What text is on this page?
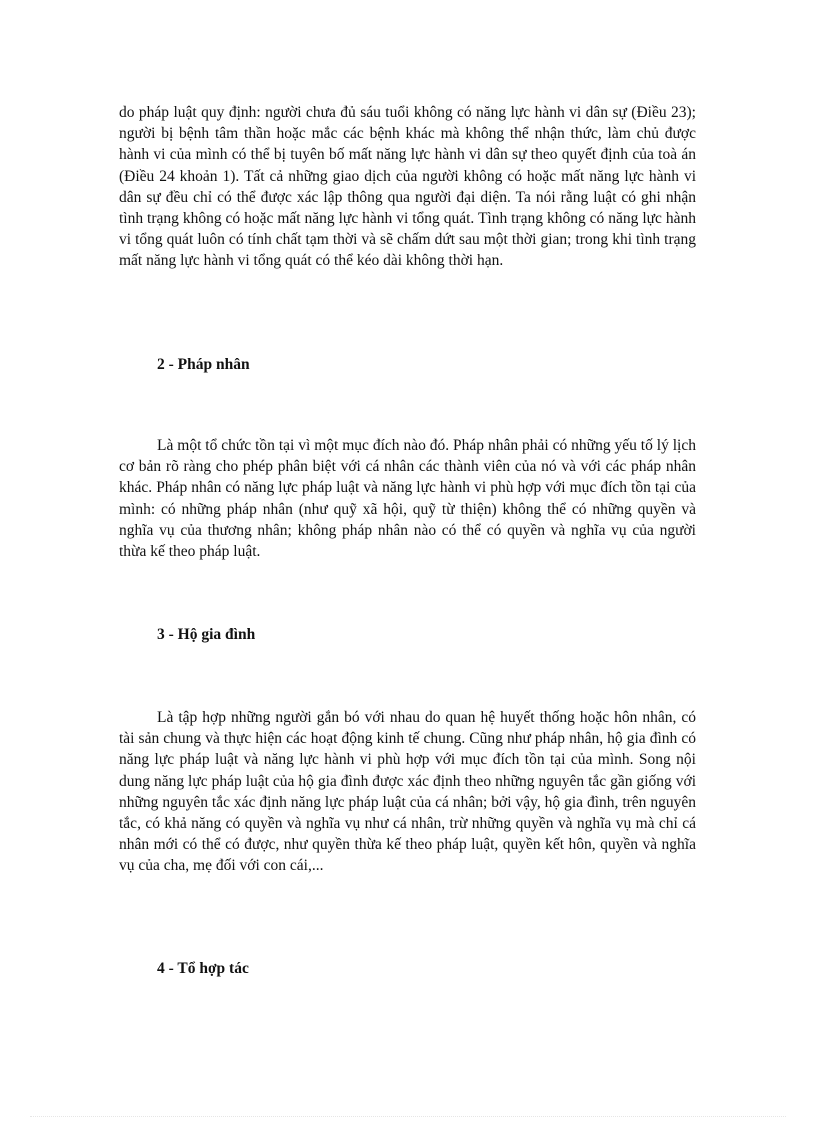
do pháp luật quy định: người chưa đủ sáu tuổi không có năng lực hành vi dân sự (Điều 23); người bị bệnh tâm thần hoặc mắc các bệnh khác mà không thể nhận thức, làm chủ được hành vi của mình có thể bị tuyên bố mất năng lực hành vi dân sự theo quyết định của toà án (Điều 24 khoản 1). Tất cả những giao dịch của người không có hoặc mất năng lực hành vi dân sự đều chỉ có thể được xác lập thông qua người đại diện. Ta nói rằng luật có ghi nhận tình trạng không có hoặc mất năng lực hành vi tổng quát. Tình trạng không có năng lực hành vi tổng quát luôn có tính chất tạm thời và sẽ chấm dứt sau một thời gian; trong khi tình trạng mất năng lực hành vi tổng quát có thể kéo dài không thời hạn.

2 - Pháp nhân

Là một tổ chức tồn tại vì một mục đích nào đó. Pháp nhân phải có những yếu tố lý lịch cơ bản rõ ràng cho phép phân biệt với cá nhân các thành viên của nó và với các pháp nhân khác. Pháp nhân có năng lực pháp luật và năng lực hành vi phù hợp với mục đích tồn tại của mình: có những pháp nhân (như quỹ xã hội, quỹ từ thiện) không thể có những quyền và nghĩa vụ của thương nhân; không pháp nhân nào có thể có quyền và nghĩa vụ của người thừa kế theo pháp luật.

3 - Hộ gia đình

Là tập hợp những người gắn bó với nhau do quan hệ huyết thống hoặc hôn nhân, có tài sản chung và thực hiện các hoạt động kinh tế chung. Cũng như pháp nhân, hộ gia đình có năng lực pháp luật và năng lực hành vi phù hợp với mục đích tồn tại của mình. Song nội dung năng lực pháp luật của hộ gia đình được xác định theo những nguyên tắc gần giống với những nguyên tắc xác định năng lực pháp luật của cá nhân; bởi vậy, hộ gia đình, trên nguyên tắc, có khả năng có quyền và nghĩa vụ như cá nhân, trừ những quyền và nghĩa vụ mà chỉ cá nhân mới có thể có được, như quyền thừa kế theo pháp luật, quyền kết hôn, quyền và nghĩa vụ của cha, mẹ đối với con cái,...

4 - Tổ hợp tác
